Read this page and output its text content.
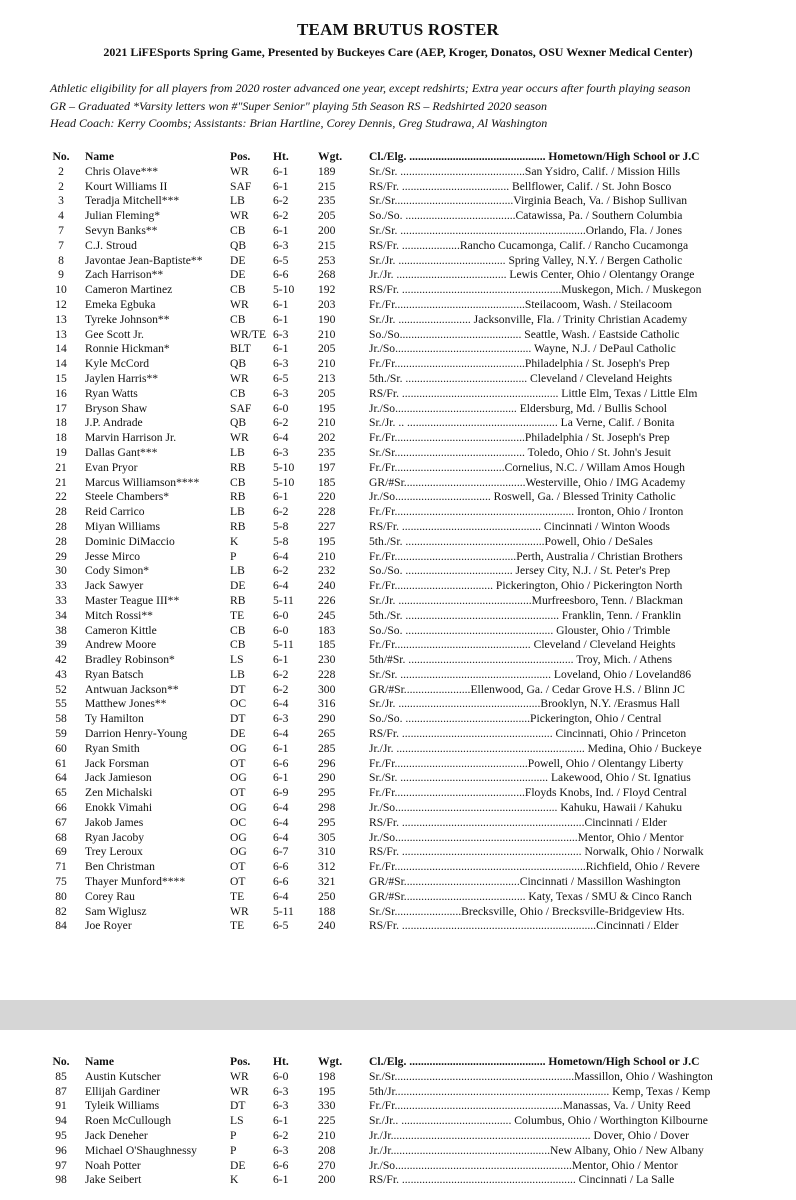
TEAM BRUTUS ROSTER
2021 LiFESports Spring Game, Presented by Buckeyes Care (AEP, Kroger, Donatos, OSU Wexner Medical Center)
Athletic eligibility for all players from 2020 roster advanced one year, except redshirts; Extra year occurs after fourth playing season
GR – Graduated *Varsity letters won #"Super Senior" playing 5th Season RS – Redshirted 2020 season
Head Coach: Kerry Coombs; Assistants: Brian Hartline, Corey Dennis, Greg Studrawa, Al Washington
No. Name	Pos. Ht.	Wgt. Cl./Elg. ............................................... Hometown/High School or J.C
2	Chris Olave***	WR 6-1	189	Sr./Sr. ...........................................San Ysidro, Calif. / Mission Hills
2	Kourt Williams II	SAF 6-1	215	RS/Fr. ..................................... Bellflower, Calif. / St. John Bosco
3	Teradja Mitchell***	LB 6-2	235	Sr./Sr.........................................Virginia Beach, Va. / Bishop Sullivan
4	Julian Fleming*	WR 6-2	205	So./So. ......................................Catawissa, Pa. / Southern Columbia
7	Sevyn Banks**	CB 6-1	200	Sr./Sr. ................................................................Orlando, Fla. / Jones
7	C.J. Stroud	QB 6-3	215	RS/Fr. ....................Rancho Cucamonga, Calif. / Rancho Cucamonga
8	Javontae Jean-Baptiste** DE 6-5	253	Sr./Jr. ..................................... Spring Valley, N.Y. / Bergen Catholic
9	Zach Harrison**	DE 6-6	268	Jr./Jr. ...................................... Lewis Center, Ohio / Olentangy Orange
10	Cameron Martinez	CB 5-10 192	RS/Fr. .......................................................Muskegon, Mich. / Muskegon
12	Emeka Egbuka	WR 6-1	203	Fr./Fr.............................................Steilacoom, Wash. / Steilacoom
13	Tyreke Johnson**	CB 6-1	190	Sr./Jr. ......................... Jacksonville, Fla. / Trinity Christian Academy
13	Gee Scott Jr.	WR/TE 6-3	210	So./So.......................................... Seattle, Wash. / Eastside Catholic
14	Ronnie Hickman*	BLT 6-1	205	Jr./So............................................... Wayne, N.J. / DePaul Catholic
14	Kyle McCord	QB 6-3	210	Fr./Fr.............................................Philadelphia / St. Joseph's Prep
15	Jaylen Harris**	WR 6-5	213	5th./Sr. .......................................... Cleveland / Cleveland Heights
16	Ryan Watts	CB 6-3	205	RS/Fr. ...................................................... Little Elm, Texas / Little Elm
17	Bryson Shaw	SAF 6-0	195	Jr./So.......................................... Eldersburg, Md. / Bullis School
18	J.P. Andrade	QB 6-2	210	Sr./Jr. .. .................................................... La Verne, Calif. / Bonita
18	Marvin Harrison Jr.	WR 6-4	202	Fr./Fr.............................................Philadelphia / St. Joseph's Prep
19	Dallas Gant***	LB 6-3	235	Sr./Sr............................................. Toledo, Ohio / St. John's Jesuit
21	Evan Pryor	RB 5-10 197	Fr./Fr......................................Cornelius, N.C. / Willam Amos Hough
21	Marcus Williamson****	CB 5-10 185	GR/#Sr..........................................Westerville, Ohio / IMG Academy
22	Steele Chambers*	RB 6-1	220	Jr./So................................. Roswell, Ga. / Blessed Trinity Catholic
28	Reid Carrico	LB 6-2	228	Fr./Fr.............................................................. Ironton, Ohio / Ironton
28	Miyan Williams	RB 5-8	227	RS/Fr. ................................................ Cincinnati / Winton Woods
28	Dominic DiMaccio	K	5-8	195	5th./Sr. ................................................Powell, Ohio / DeSales
29	Jesse Mirco	P	6-4	210	Fr./Fr..........................................Perth, Australia / Christian Brothers
30	Cody Simon*	LB 6-2	232	So./So. ..................................... Jersey City, N.J. / St. Peter's Prep
33	Jack Sawyer	DE 6-4	240	Fr./Fr.................................. Pickerington, Ohio / Pickerington North
33	Master Teague III**	RB 5-11 226	Sr./Jr. ..............................................Murfreesboro, Tenn. / Blackman
34	Mitch Rossi**	TE 6-0	245	5th./Sr. ..................................................... Franklin, Tenn. / Franklin
38	Cameron Kittle	CB 6-0	183	So./So. ................................................... Glouster, Ohio / Trimble
39	Andrew Moore	CB 5-11 185	Fr./Fr............................................... Cleveland / Cleveland Heights
42	Bradley Robinson*	LS	6-1	230	5th/#Sr. ......................................................... Troy, Mich. / Athens
43	Ryan Batsch	LB 6-2	228	Sr./Sr. .................................................... Loveland, Ohio / Loveland86
52	Antwuan Jackson**	DT 6-2	300	GR/#Sr.......................Ellenwood, Ga. / Cedar Grove H.S. / Blinn JC
55	Matthew Jones**	OC 6-4	316	Sr./Jr. .................................................Brooklyn, N.Y. /Erasmus Hall
58	Ty Hamilton	DT 6-3	290	So./So. ...........................................Pickerington, Ohio / Central
59	Darrion Henry-Young	DE 6-4	265	RS/Fr. .................................................... Cincinnati, Ohio / Princeton
60	Ryan Smith	OG 6-1	285	Jr./Jr. ................................................................. Medina, Ohio / Buckeye
61	Jack Forsman	OT 6-6	296	Fr./Fr..............................................Powell, Ohio / Olentangy Liberty
64	Jack Jamieson	OG 6-1	290	Sr./Sr. ................................................... Lakewood, Ohio / St. Ignatius
65	Zen Michalski	OT 6-9	295	Fr./Fr.............................................Floyds Knobs, Ind. / Floyd Central
66	Enokk Vimahi	OG 6-4	298	Jr./So........................................................ Kahuku, Hawaii / Kahuku
67	Jakob James	OC 6-4	295	RS/Fr. ...............................................................Cincinnati / Elder
68	Ryan Jacoby	OG 6-4	305	Jr./So...............................................................Mentor, Ohio / Mentor
69	Trey Leroux	OG 6-7	310	RS/Fr. .............................................................. Norwalk, Ohio / Norwalk
71	Ben Christman	OT 6-6	312	Fr./Fr..................................................................Richfield, Ohio / Revere
75	Thayer Munford****	OT 6-6	321	GR/#Sr........................................Cincinnati / Massillon Washington
80	Corey Rau	TE 6-4	250	GR/#Sr.......................................... Katy, Texas / SMU & Cinco Ranch
82	Sam Wiglusz	WR 5-11 188	Sr./Sr.......................Brecksville, Ohio / Brecksville-Bridgeview Hts.
84	Joe Royer	TE 6-5	240	RS/Fr. ...................................................................Cincinnati / Elder
No. Name	Pos. Ht.	Wgt. Cl./Elg. ............................................... Hometown/High School or J.C
85	Austin Kutscher	WR 6-0	198	Sr./Sr..............................................................Massillon, Ohio / Washington
87	Ellijah Gardiner	WR 6-3	195	5th/Jr.......................................................................... Kemp, Texas / Kemp
91	Tyleik Williams	DT 6-3	330	Fr./Fr..........................................................Manassas, Va. / Unity Reed
94	Roen McCullough	LS	6-1	225	Sr./Jr.. ...................................... Columbus, Ohio / Worthington Kilbourne
95	Jack Deneher	P	6-2	210	Jr./Jr..................................................................... Dover, Ohio / Dover
96	Michael O'Shaughnessy	P	6-3	208	Jr./Jr.......................................................New Albany, Ohio / New Albany
97	Noah Potter	DE 6-6	270	Jr./So.............................................................Mentor, Ohio / Mentor
98	Jake Seibert	K	6-1	200	RS/Fr. ............................................................ Cincinnati / La Salle
